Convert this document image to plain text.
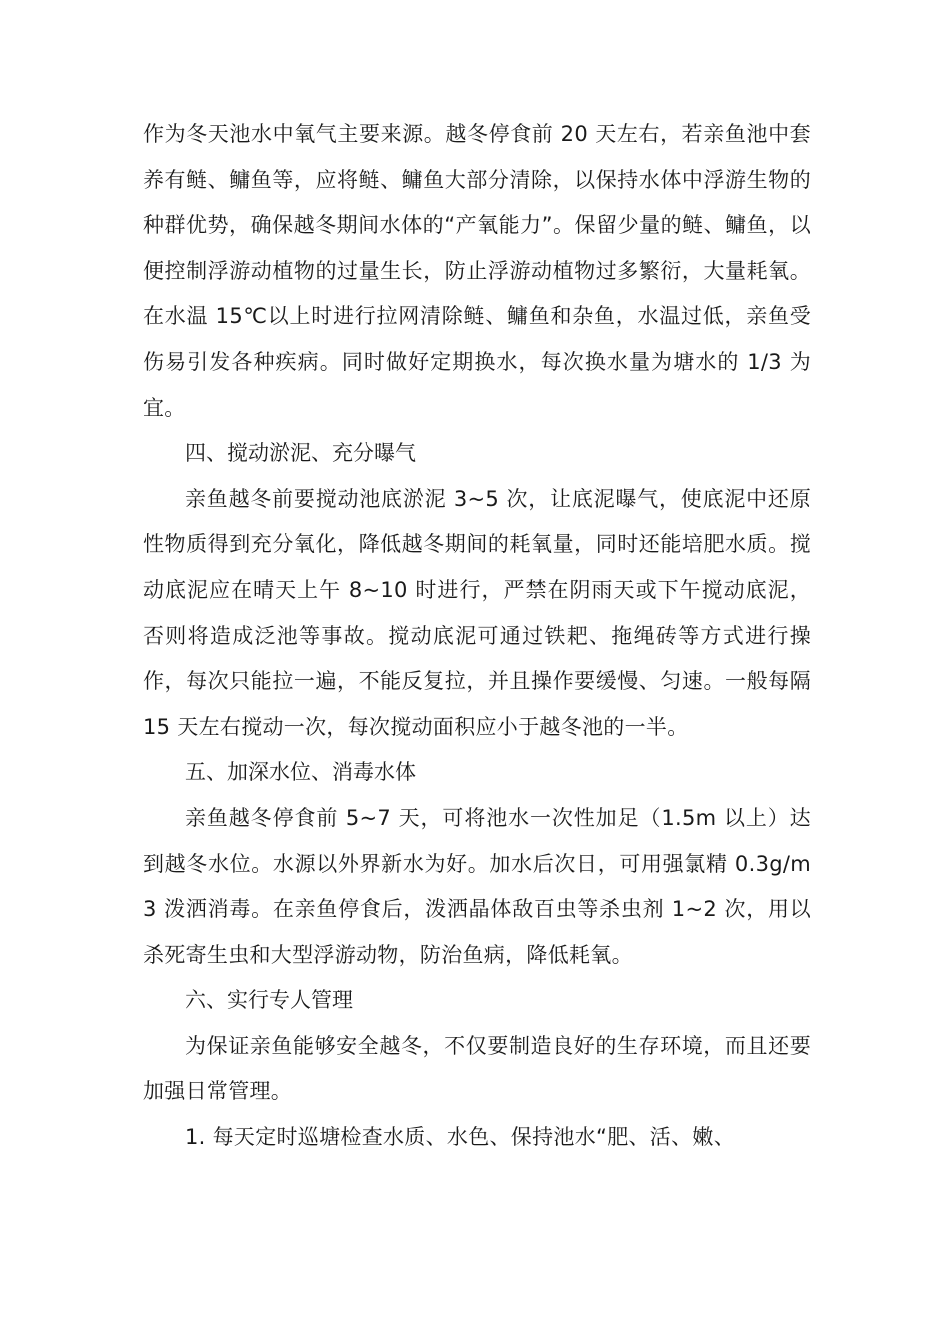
作为冬天池水中氧气主要来源。越冬停食前 20 天左右，若亲鱼池中套养有鲢、鳙鱼等，应将鲢、鳙鱼大部分清除，以保持水体中浮游生物的种群优势，确保越冬期间水体的“产氧能力”。保留少量的鲢、鳙鱼，以便控制浮游动植物的过量生长，防止浮游动植物过多繁衍，大量耗氧。在水温 15℃以上时进行拉网清除鲢、鳙鱼和杂鱼，水温过低，亲鱼受伤易引发各种疾病。同时做好定期换水，每次换水量为塘水的 1/3 为宜。

四、搅动淤泥、充分曝气

亲鱼越冬前要搅动池底淤泥 3~5 次，让底泥曝气，使底泥中还原性物质得到充分氧化，降低越冬期间的耗氧量，同时还能培肥水质。搅动底泥应在晴天上午 8~10 时进行，严禁在阴雨天或下午搅动底泥，否则将造成泛池等事故。搅动底泥可通过铁耙、拖绳砖等方式进行操作，每次只能拉一遍，不能反复拉，并且操作要缓慢、匀速。一般每隔 15 天左右搅动一次，每次搅动面积应小于越冬池的一半。

五、加深水位、消毒水体

亲鱼越冬停食前 5~7 天，可将池水一次性加足（1.5m 以上）达到越冬水位。水源以外界新水为好。加水后次日，可用强氯精 0.3g/m 3 泼洒消毒。在亲鱼停食后，泼洒晶体敌百虫等杀虫剂 1~2 次，用以杀死寄生虫和大型浮游动物，防治鱼病，降低耗氧。

六、实行专人管理

为保证亲鱼能够安全越冬，不仅要制造良好的生存环境，而且还要加强日常管理。

1. 每天定时巡塘检查水质、水色、保持池水“肥、活、嫩、
